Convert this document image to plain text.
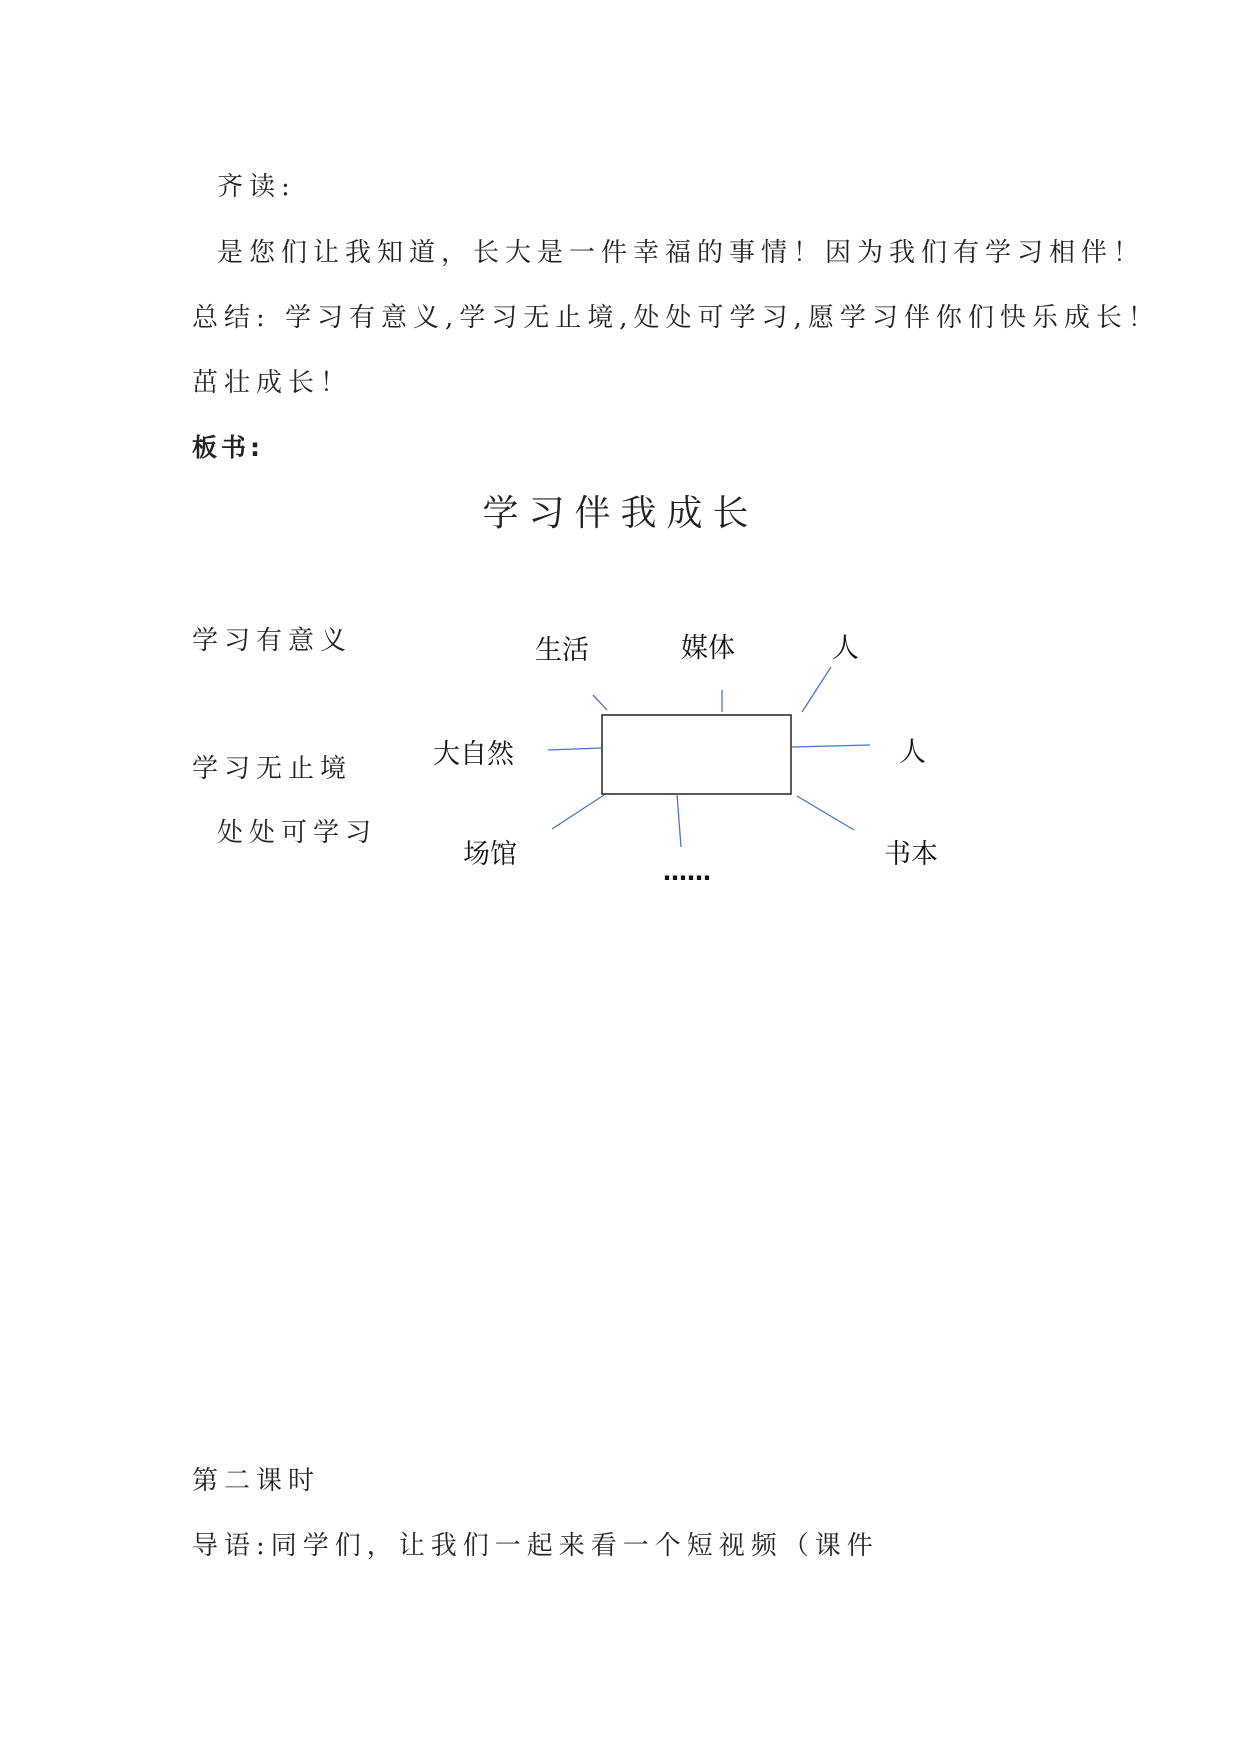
齐读:
是您们让我知道，长大是一件幸福的事情！因为我们有学习相伴！
总结: 学习有意义,学习无止境,处处可学习,愿学习伴你们快乐成长！
茁壮成长！
板书:
学习伴我成长
学习有意义
学习无止境
处处可学习
生活	媒体	人
大自然	人
场馆	书本
……
第二课时
导语:同学们，让我们一起来看一个短视频（课件
